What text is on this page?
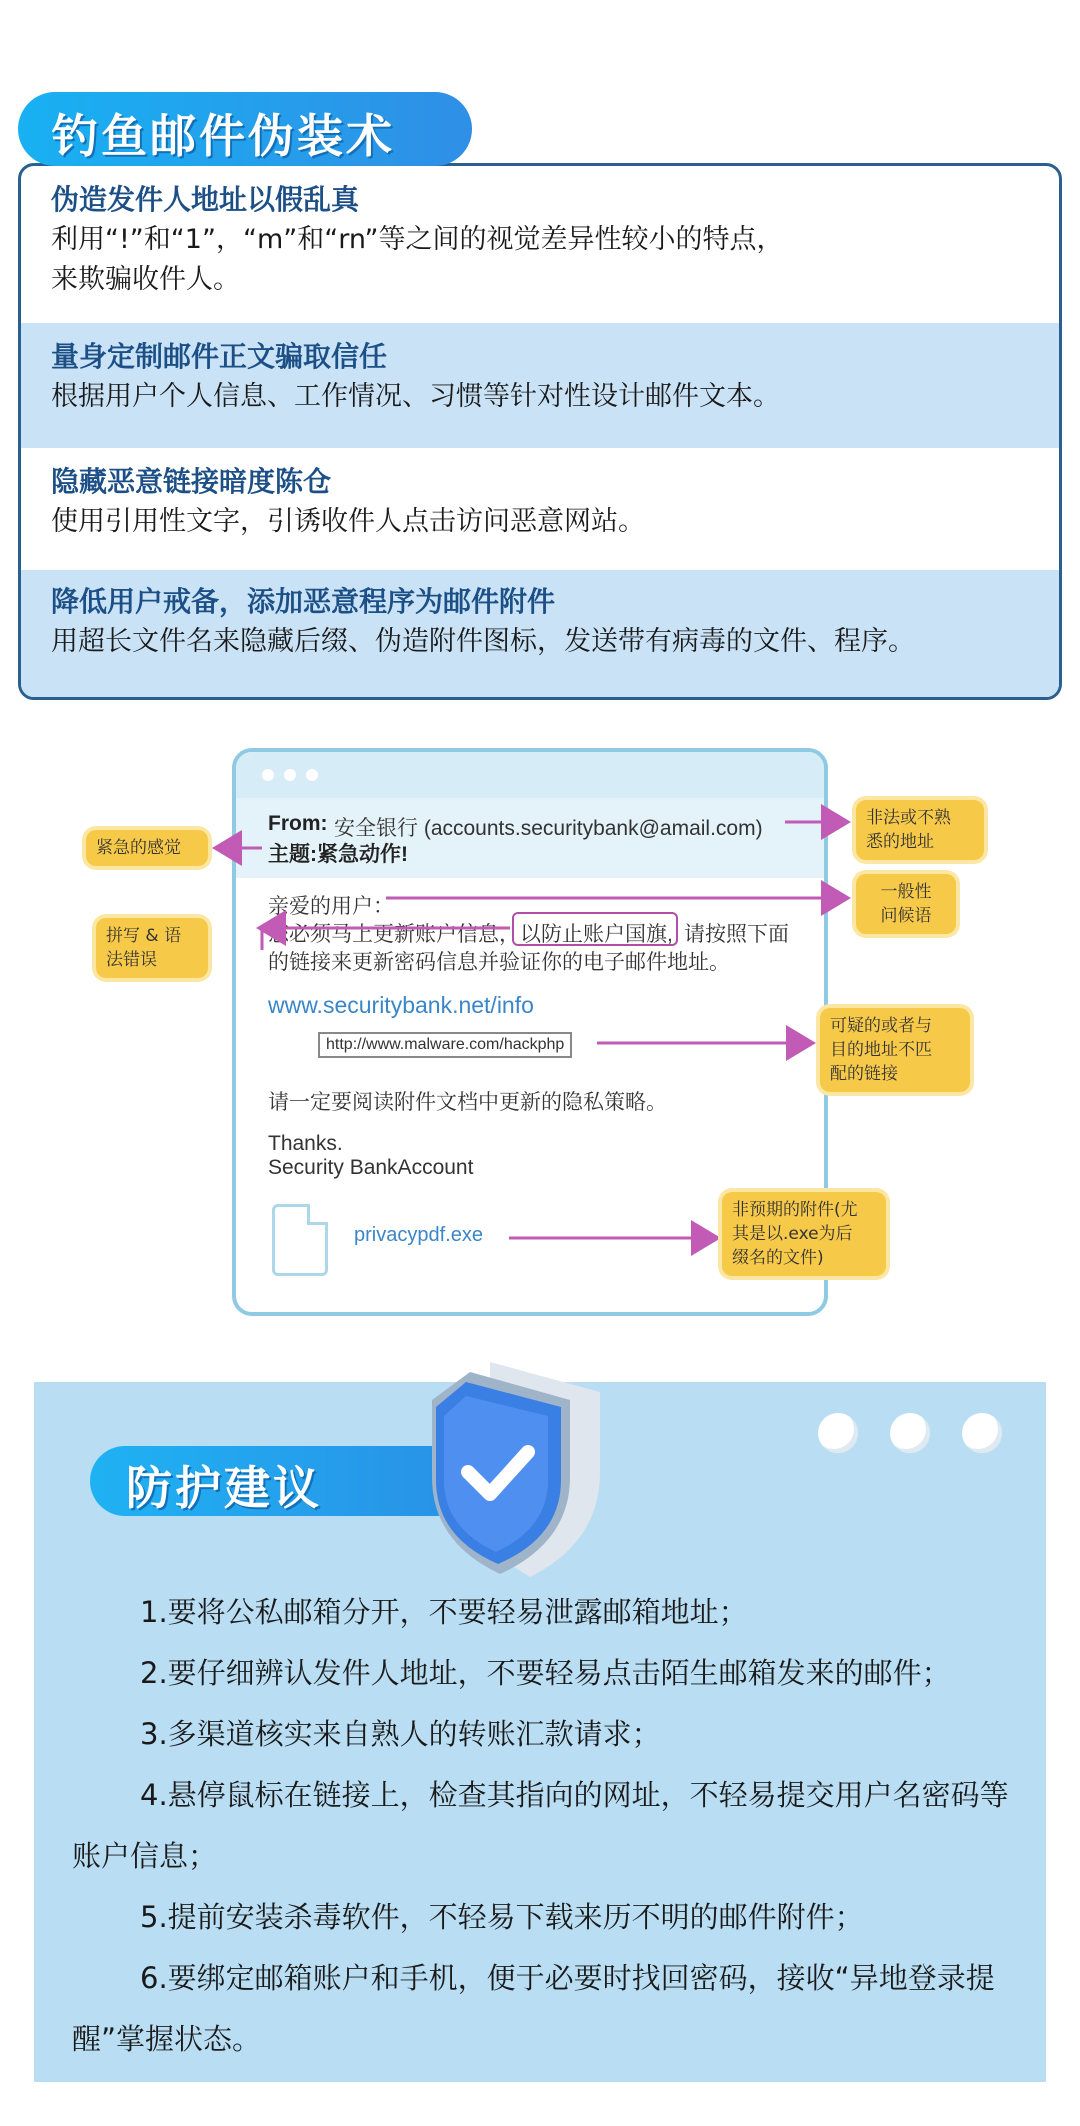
钓鱼邮件伪装术
伪造发件人地址以假乱真
利用“!”和“1”，“m”和“rn”等之间的视觉差异性较小的特点，
来欺骗收件人。
量身定制邮件正文骗取信任
根据用户个人信息、工作情况、习惯等针对性设计邮件文本。
隐藏恶意链接暗度陈仓
使用引用性文字，引诱收件人点击访问恶意网站。
降低用户戒备，添加恶意程序为邮件附件
用超长文件名来隐藏后缀、伪造附件图标，发送带有病毒的文件、程序。
From: 安全银行 (accounts.securitybank@amail.com)
主题:紧急动作!
亲爱的用户：
您必须马上更新账户信息， 以防止账户国旗, 请按照下面
的链接来更新密码信息并验证你的电子邮件地址。
www.securitybank.net/info
http://www.malware.com/hackphp
请一定要阅读附件文档中更新的隐私策略。
Thanks.
Security BankAccount
privacypdf.exe
非法或不熟
悉的地址
紧急的感觉
一般性
问候语
拼写 & 语
法错误
可疑的或者与
目的地址不匹
配的链接
非预期的附件(尤
其是以.exe为后
缀名的文件)
防护建议
1.要将公私邮箱分开，不要轻易泄露邮箱地址；
2.要仔细辨认发件人地址，不要轻易点击陌生邮箱发来的邮件；
3.多渠道核实来自熟人的转账汇款请求；
4.悬停鼠标在链接上，检查其指向的网址，不轻易提交用户名密码等账户信息；
5.提前安装杀毒软件，不轻易下载来历不明的邮件附件；
6.要绑定邮箱账户和手机，便于必要时找回密码，接收“异地登录提醒”掌握状态。
